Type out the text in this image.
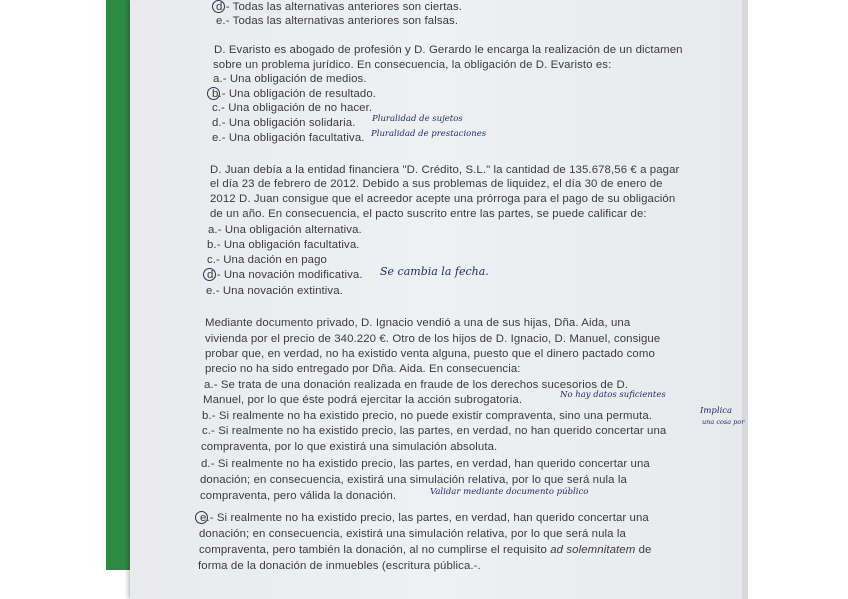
d.- Todas las alternativas anteriores son ciertas.
e.- Todas las alternativas anteriores son falsas.
D. Evaristo es abogado de profesión y D. Gerardo le encarga la realización de un dictamen
sobre un problema jurídico. En consecuencia, la obligación de D. Evaristo es:
a.- Una obligación de medios.
b.- Una obligación de resultado.
c.- Una obligación de no hacer.
d.- Una obligación solidaria. Pluralidad de sujetos
e.- Una obligación facultativa. Pluralidad de prestaciones
D. Juan debía a la entidad financiera "D. Crédito, S.L." la cantidad de 135.678,56 € a pagar
el día 23 de febrero de 2012. Debido a sus problemas de liquidez, el día 30 de enero de
2012 D. Juan consigue que el acreedor acepte una prórroga para el pago de su obligación
de un año. En consecuencia, el pacto suscrito entre las partes, se puede calificar de:
a.- Una obligación alternativa.
b.- Una obligación facultativa.
c.- Una dación en pago
d.- Una novación modificativa. Se cambia la fecha.
e.- Una novación extintiva.
Mediante documento privado, D. Ignacio vendió a una de sus hijas, Dña. Aida, una
vivienda por el precio de 340.220 €. Otro de los hijos de D. Ignacio, D. Manuel, consigue
probar que, en verdad, no ha existido venta alguna, puesto que el dinero pactado como
precio no ha sido entregado por Dña. Aida. En consecuencia:
a.- Se trata de una donación realizada en fraude de los derechos sucesorios de D.
Manuel, por lo que éste podrá ejercitar la acción subrogatoria.	No hay datos suficientes
b.- Si realmente no ha existido precio, no puede existir compraventa, sino una permuta.	Implica
una cosa por
c.- Si realmente no ha existido precio, las partes, en verdad, no han querido concertar una
compraventa, por lo que existirá una simulación absoluta.
d.- Si realmente no ha existido precio, las partes, en verdad, han querido concertar una
donación; en consecuencia, existirá una simulación relativa, por lo que será nula la
compraventa, pero válida la donación.	Validar mediante documento público
e.- Si realmente no ha existido precio, las partes, en verdad, han querido concertar una
donación; en consecuencia, existirá una simulación relativa, por lo que será nula la
compraventa, pero también la donación, al no cumplirse el requisito ad solemnitatem de
forma de la donación de inmuebles (escritura pública.-.
